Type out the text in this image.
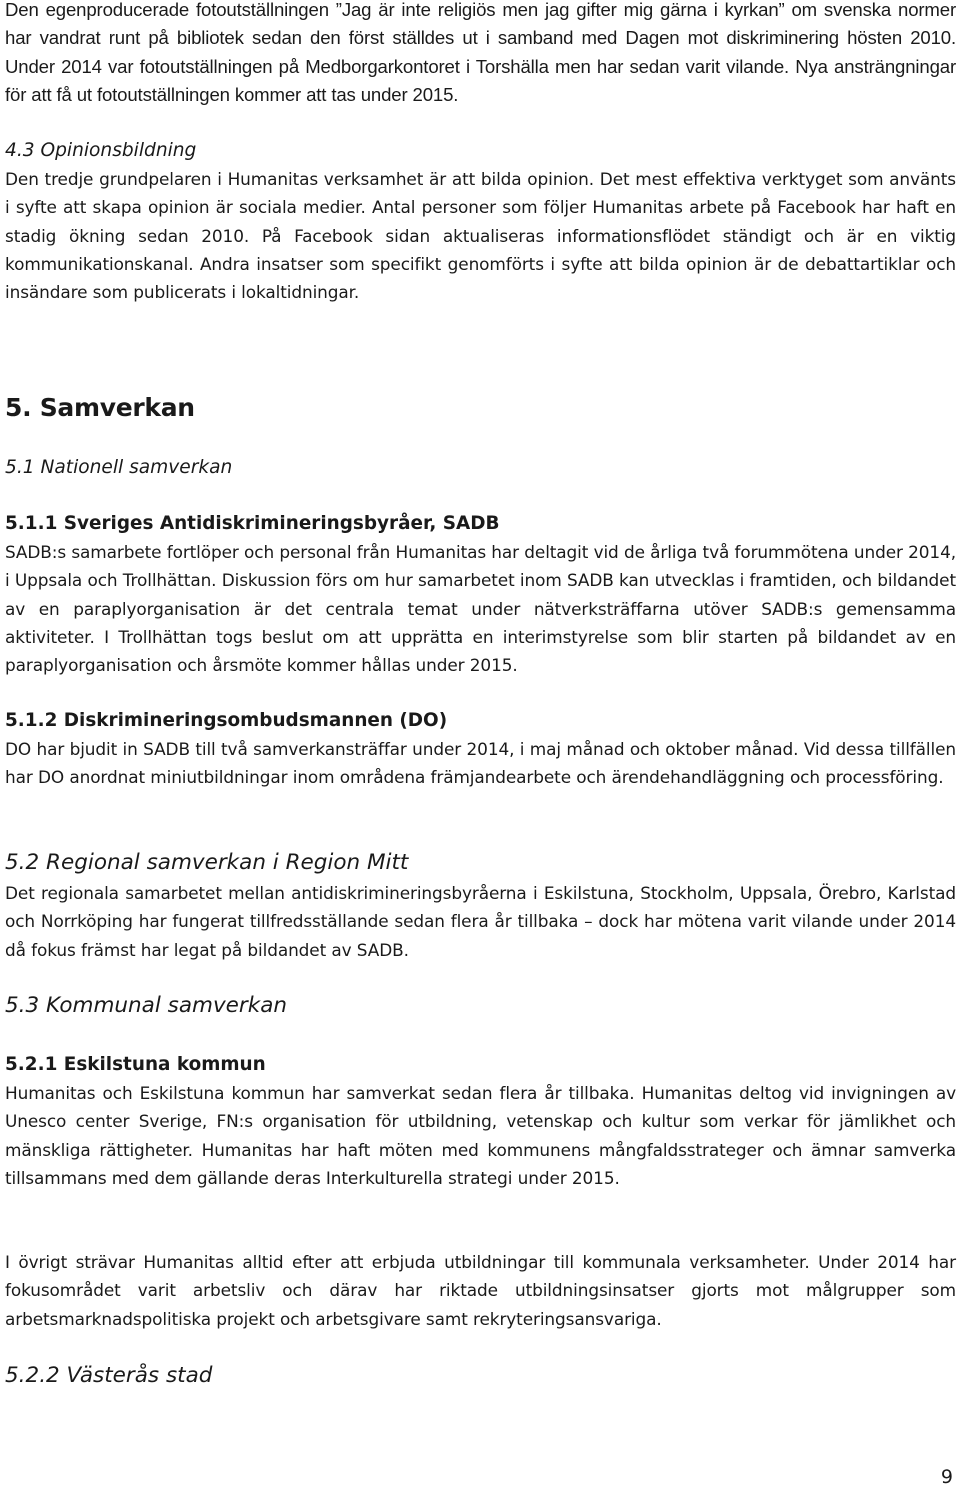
Den egenproducerade fotoutställningen ”Jag är inte religiös men jag gifter mig gärna i kyrkan” om svenska normer har vandrat runt på bibliotek sedan den först ställdes ut i samband med Dagen mot diskriminering hösten 2010. Under 2014 var fotoutställningen på Medborgarkontoret i Torshälla men har sedan varit vilande. Nya ansträngningar för att få ut fotoutställningen kommer att tas under 2015.

4.3 Opinionsbildning

Den tredje grundpelaren i Humanitas verksamhet är att bilda opinion. Det mest effektiva verktyget som använts i syfte att skapa opinion är sociala medier. Antal personer som följer Humanitas arbete på Facebook har haft en stadig ökning sedan 2010. På Facebook sidan aktualiseras informationsflödet ständigt och är en viktig kommunikationskanal. Andra insatser som specifikt genomförts i syfte att bilda opinion är de debattartiklar och insändare som publicerats i lokaltidningar.

5. Samverkan
5.1 Nationell samverkan
5.1.1 Sveriges Antidiskrimineringsbyråer, SADB

SADB:s samarbete fortlöper och personal från Humanitas har deltagit vid de årliga två forummötena under 2014, i Uppsala och Trollhättan. Diskussion förs om hur samarbetet inom SADB kan utvecklas i framtiden, och bildandet av en paraplyorganisation är det centrala temat under nätverksträffarna utöver SADB:s gemensamma aktiviteter. I Trollhättan togs beslut om att upprätta en interimstyrelse som blir starten på bildandet av en paraplyorganisation och årsmöte kommer hållas under 2015.

5.1.2 Diskrimineringsombudsmannen (DO)

DO har bjudit in SADB till två samverkansträffar under 2014, i maj månad och oktober månad. Vid dessa tillfällen har DO anordnat miniutbildningar inom områdena främjandearbete och ärendehandläggning och processföring.

5.2 Regional samverkan i Region Mitt

Det regionala samarbetet mellan antidiskrimineringsbyråerna i Eskilstuna, Stockholm, Uppsala, Örebro, Karlstad och Norrköping har fungerat tillfredsställande sedan flera år tillbaka – dock har mötena varit vilande under 2014 då fokus främst har legat på bildandet av SADB.

5.3 Kommunal samverkan
5.2.1 Eskilstuna kommun

Humanitas och Eskilstuna kommun har samverkat sedan flera år tillbaka. Humanitas deltog vid invigningen av Unesco center Sverige, FN:s organisation för utbildning, vetenskap och kultur som verkar för jämlikhet och mänskliga rättigheter. Humanitas har haft möten med kommunens mångfaldsstrateger och ämnar samverka tillsammans med dem gällande deras Interkulturella strategi under 2015.

I övrigt strävar Humanitas alltid efter att erbjuda utbildningar till kommunala verksamheter. Under 2014 har fokusområdet varit arbetsliv och därav har riktade utbildningsinsatser gjorts mot målgrupper som arbetsmarknadspolitiska projekt och arbetsgivare samt rekryteringsansvariga.

5.2.2 Västerås stad
9
